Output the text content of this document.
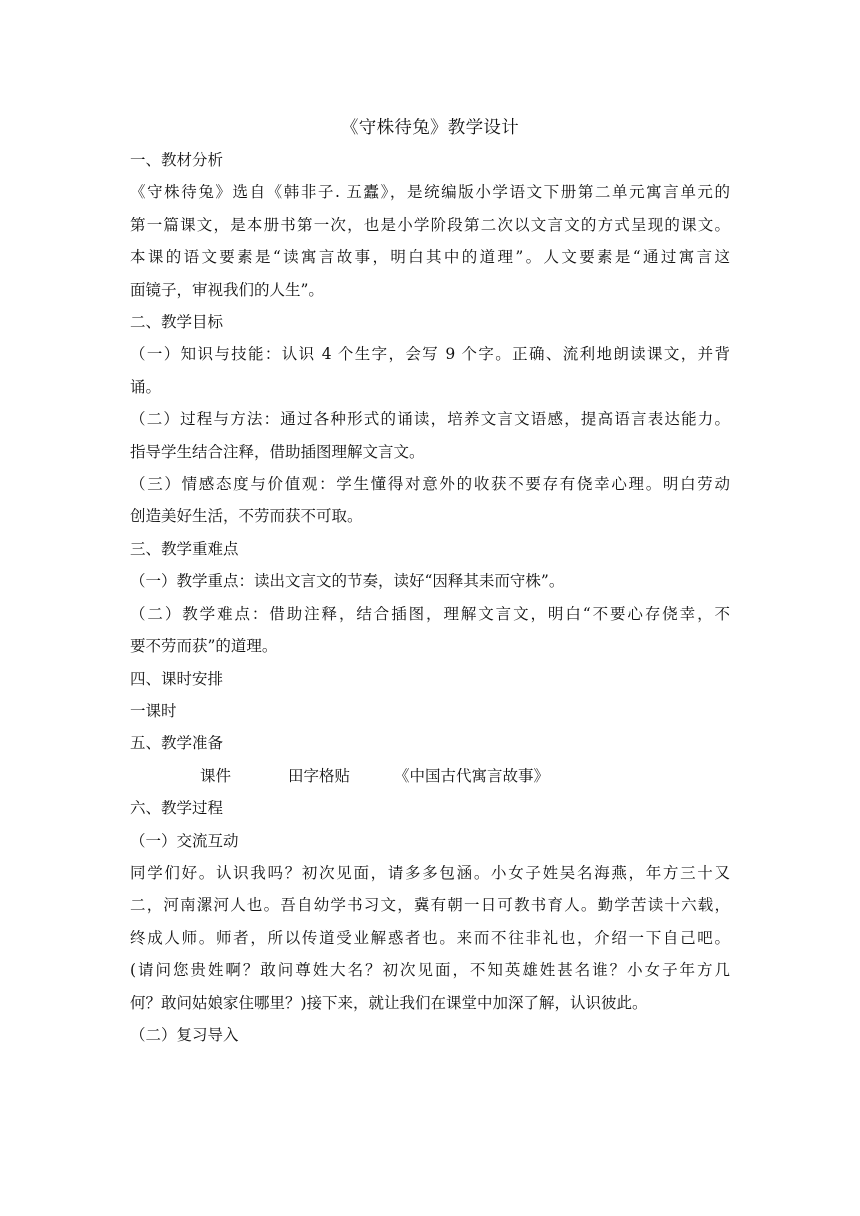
《守株待兔》教学设计

一、教材分析

《守株待兔》选自《韩非子. 五蠹》，是统编版小学语文下册第二单元寓言单元的

第一篇课文，是本册书第一次，也是小学阶段第二次以文言文的方式呈现的课文。

本课的语文要素是“读寓言故事，明白其中的道理”。人文要素是“通过寓言这

面镜子，审视我们的人生”。

二、教学目标

（一）知识与技能：认识 4 个生字，会写 9 个字。正确、流利地朗读课文，并背

诵。

（二）过程与方法：通过各种形式的诵读，培养文言文语感，提高语言表达能力。

指导学生结合注释，借助插图理解文言文。

（三）情感态度与价值观：学生懂得对意外的收获不要存有侥幸心理。明白劳动

创造美好生活，不劳而获不可取。

三、教学重难点

（一）教学重点：读出文言文的节奏，读好“因释其耒而守株”。

（二）教学难点：借助注释，结合插图，理解文言文，明白“不要心存侥幸，不

要不劳而获”的道理。

四、课时安排

一课时

五、教学准备

课件	田字格贴	《中国古代寓言故事》

六、教学过程

（一）交流互动

同学们好。认识我吗？初次见面，请多多包涵。小女子姓吴名海燕，年方三十又

二，河南漯河人也。吾自幼学书习文，冀有朝一日可教书育人。勤学苦读十六载，

终成人师。师者，所以传道受业解惑者也。来而不往非礼也，介绍一下自己吧。

(请问您贵姓啊？敢问尊姓大名？初次见面，不知英雄姓甚名谁？小女子年方几

何？敢问姑娘家住哪里？)接下来，就让我们在课堂中加深了解，认识彼此。

（二）复习导入
